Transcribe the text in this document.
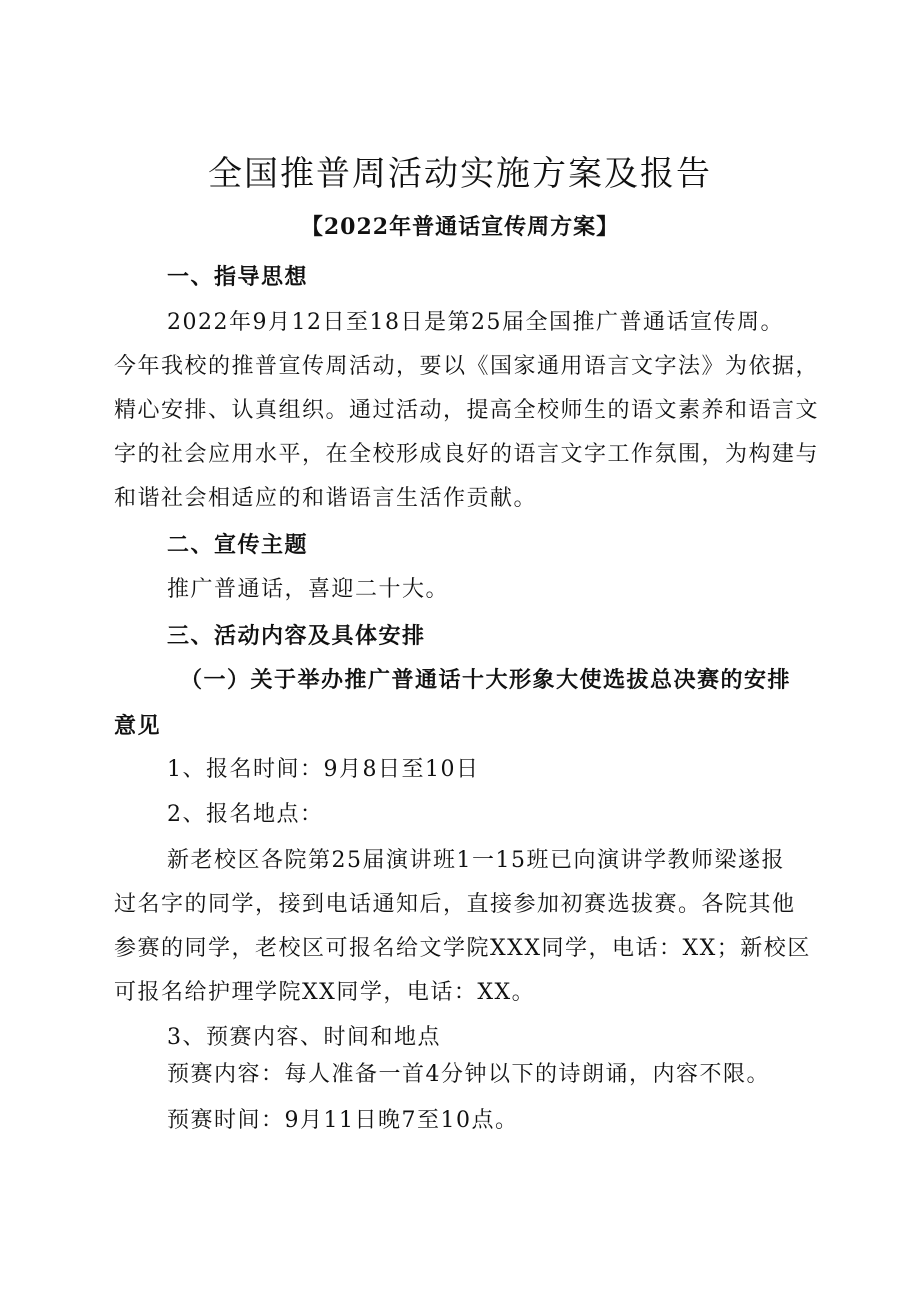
全国推普周活动实施方案及报告
【2022年普通话宣传周方案】
一、指导思想
2022年9月12日至18日是第25届全国推广普通话宣传周。
今年我校的推普宣传周活动，要以《国家通用语言文字法》为依据，
精心安排、认真组织。通过活动，提高全校师生的语文素养和语言文
字的社会应用水平，在全校形成良好的语言文字工作氛围，为构建与
和谐社会相适应的和谐语言生活作贡献。
二、宣传主题
推广普通话，喜迎二十大。
三、活动内容及具体安排
（一）关于举办推广普通话十大形象大使选拔总决赛的安排
意见
1、报名时间：9月8日至10日
2、报名地点：
新老校区各院第25届演讲班1一15班已向演讲学教师梁遂报
过名字的同学，接到电话通知后，直接参加初赛选拔赛。各院其他
参赛的同学，老校区可报名给文学院XXX同学，电话：XX；新校区
可报名给护理学院XX同学，电话：XX。
3、预赛内容、时间和地点
预赛内容：每人准备一首4分钟以下的诗朗诵，内容不限。
预赛时间：9月11日晚7至10点。
